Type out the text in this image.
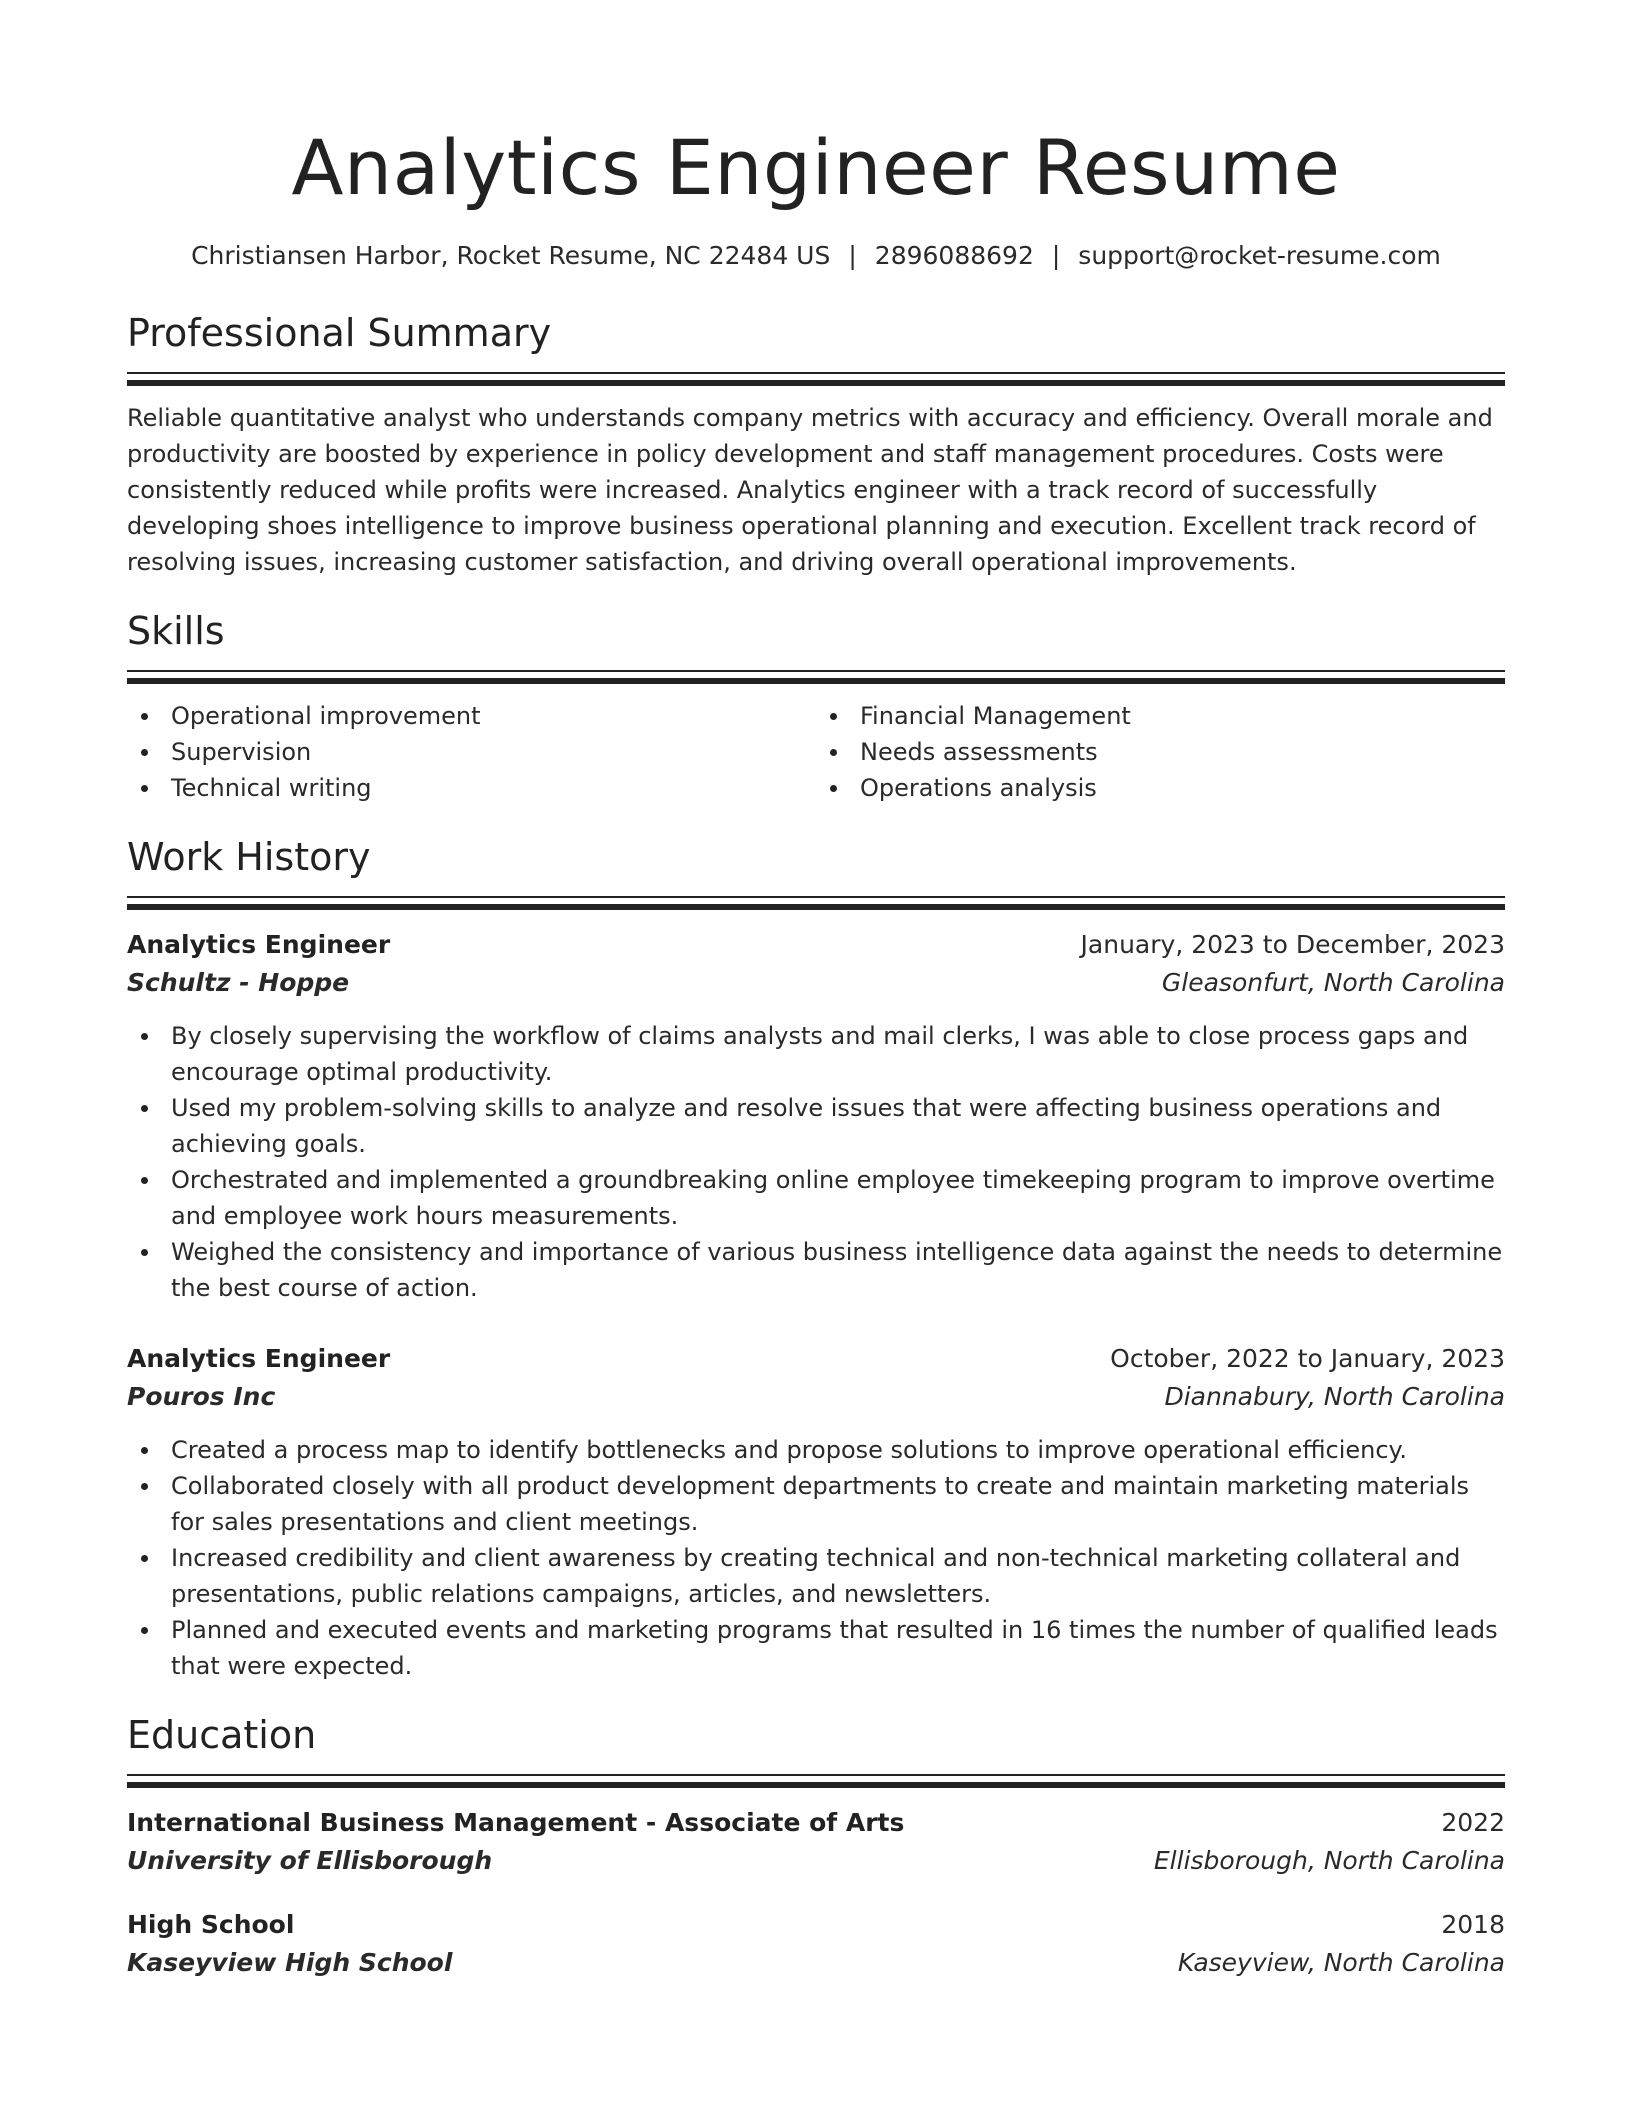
Analytics Engineer Resume
Christiansen Harbor, Rocket Resume, NC 22484 US | 2896088692 | support@rocket-resume.com
Professional Summary

Reliable quantitative analyst who understands company metrics with accuracy and efficiency. Overall morale and productivity are boosted by experience in policy development and staff management procedures. Costs were consistently reduced while profits were increased. Analytics engineer with a track record of successfully developing shoes intelligence to improve business operational planning and execution. Excellent track record of resolving issues, increasing customer satisfaction, and driving overall operational improvements.

Skills
Operational improvement
Supervision
Technical writing
Financial Management
Needs assessments
Operations analysis
Work History
Analytics Engineer	January, 2023 to December, 2023
Schultz - Hoppe	Gleasonfurt, North Carolina
By closely supervising the workflow of claims analysts and mail clerks, I was able to close process gaps and encourage optimal productivity.
Used my problem-solving skills to analyze and resolve issues that were affecting business operations and achieving goals.
Orchestrated and implemented a groundbreaking online employee timekeeping program to improve overtime and employee work hours measurements.
Weighed the consistency and importance of various business intelligence data against the needs to determine the best course of action.
Analytics Engineer	October, 2022 to January, 2023
Pouros Inc	Diannabury, North Carolina
Created a process map to identify bottlenecks and propose solutions to improve operational efficiency.
Collaborated closely with all product development departments to create and maintain marketing materials for sales presentations and client meetings.
Increased credibility and client awareness by creating technical and non-technical marketing collateral and presentations, public relations campaigns, articles, and newsletters.
Planned and executed events and marketing programs that resulted in 16 times the number of qualified leads that were expected.
Education
International Business Management - Associate of Arts	2022
University of Ellisborough	Ellisborough, North Carolina
High School	2018
Kaseyview High School	Kaseyview, North Carolina
